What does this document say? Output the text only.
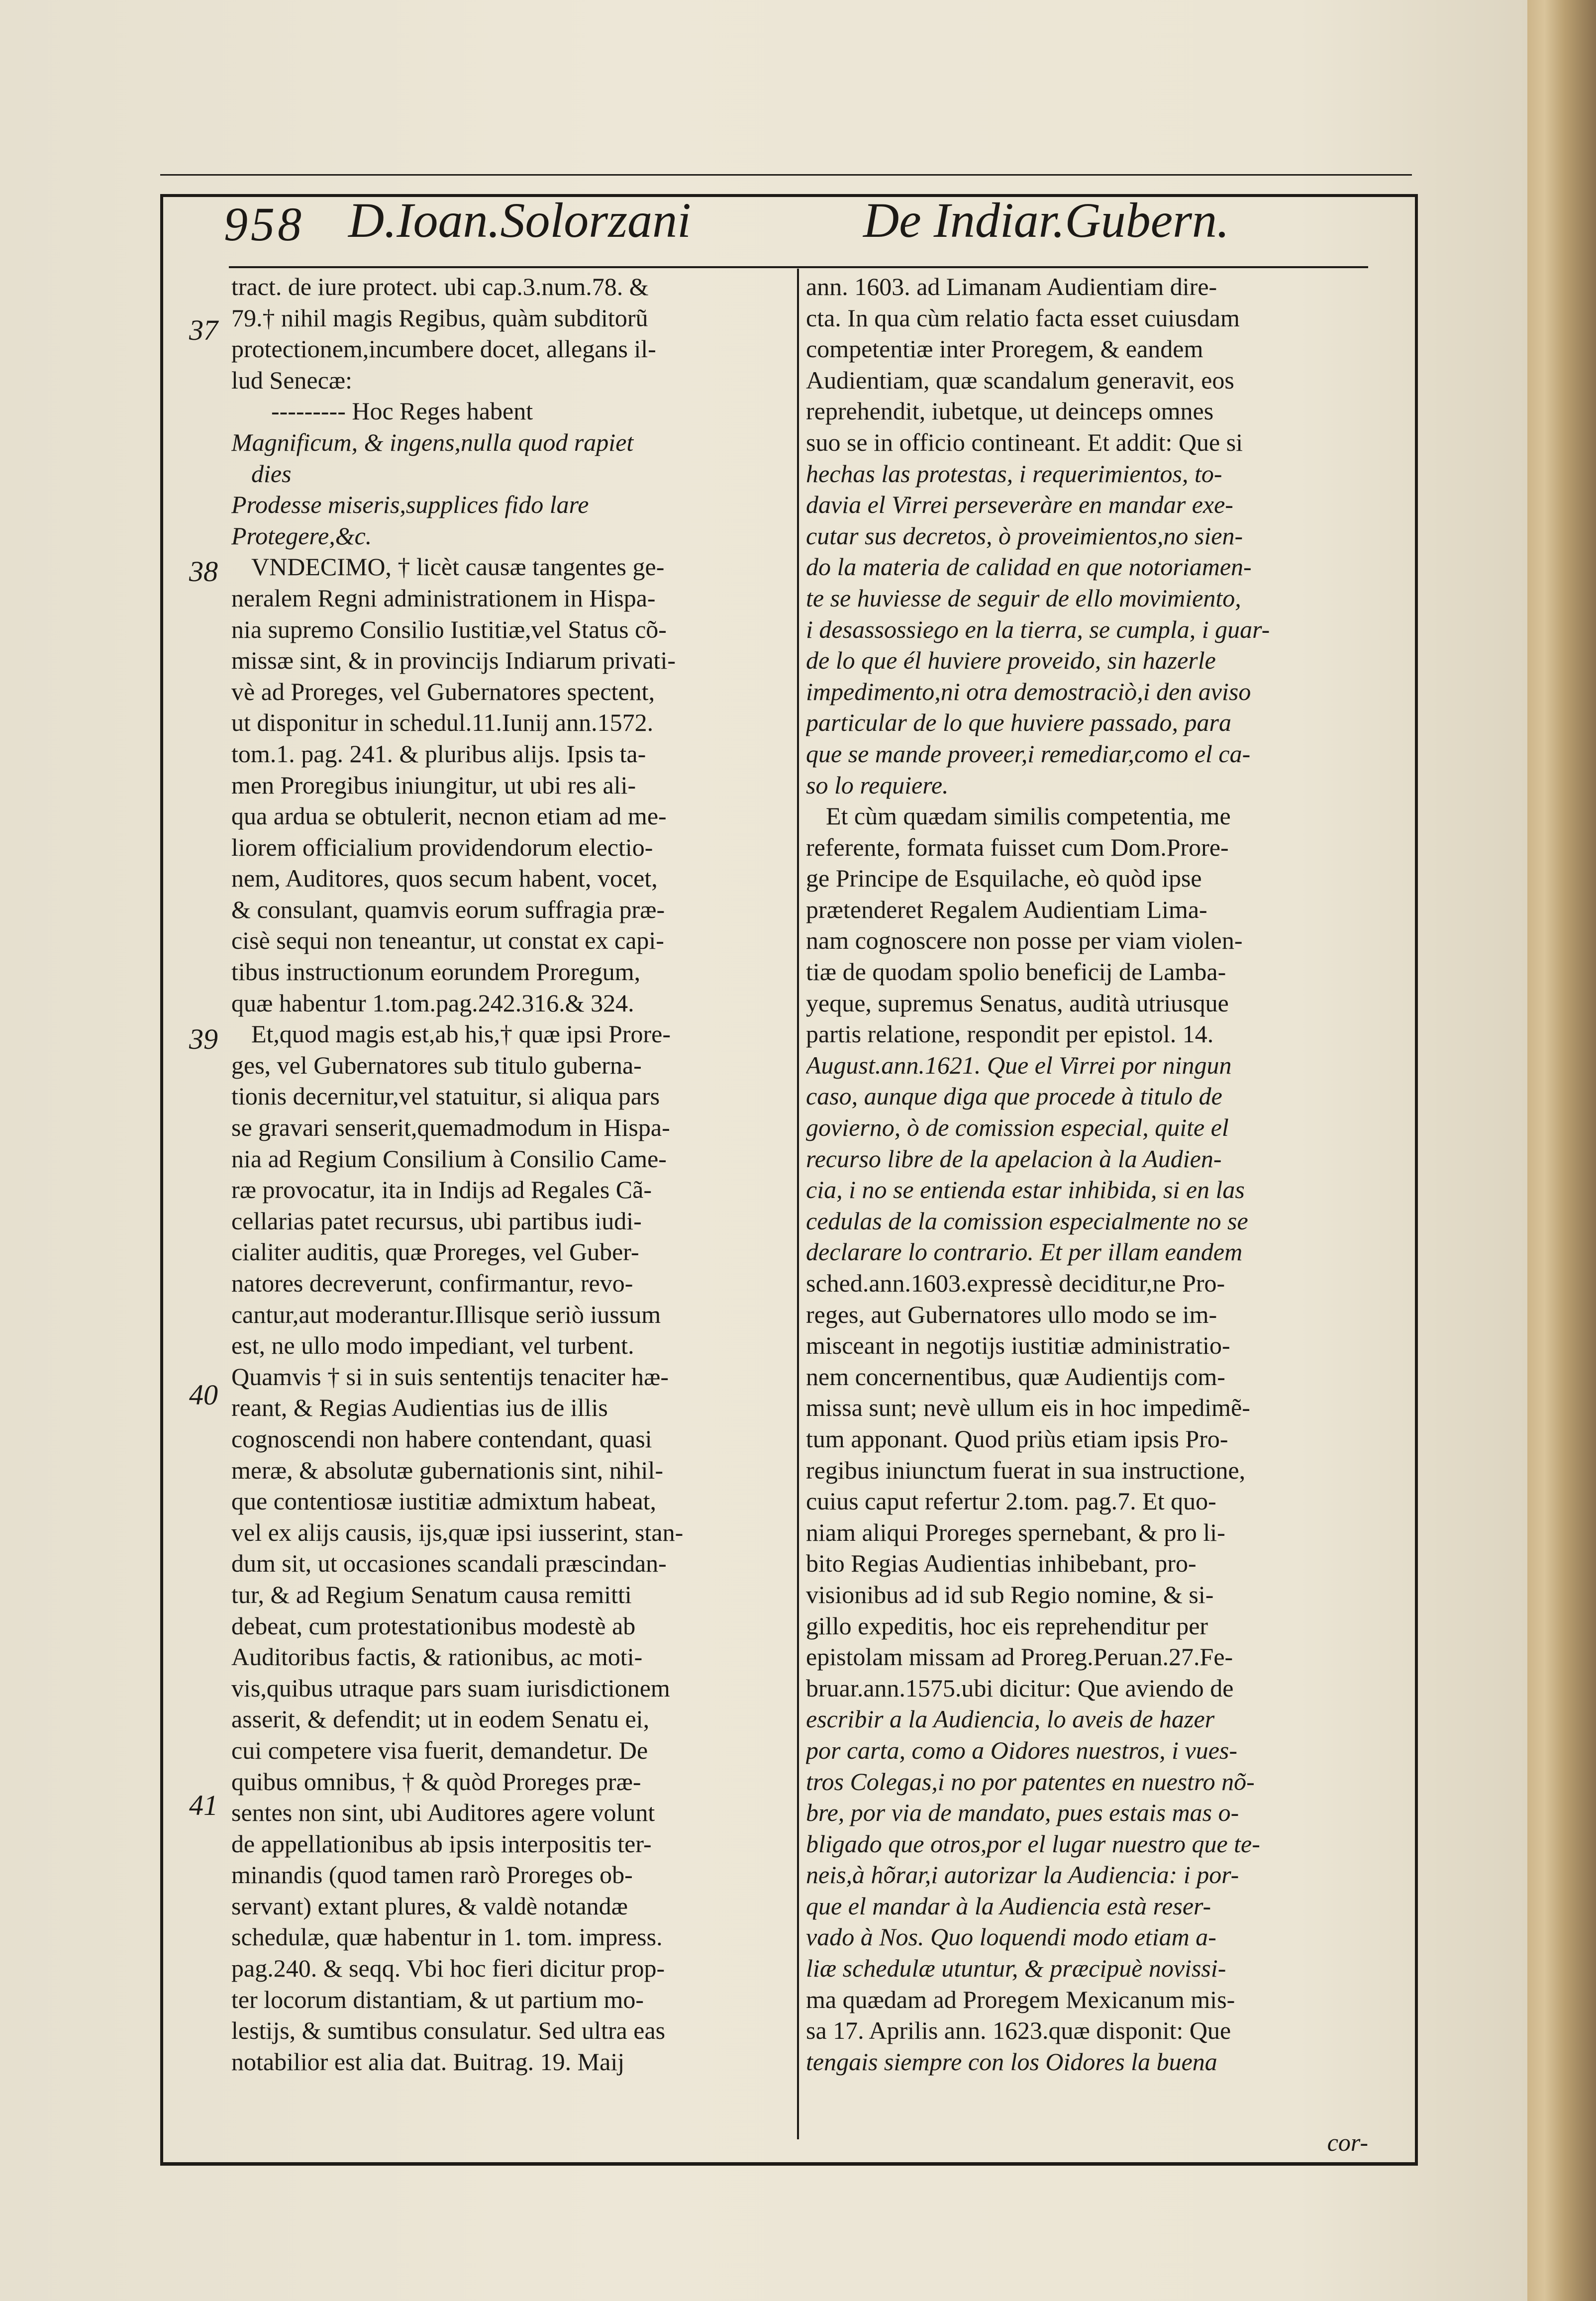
958 D.Ioan.Solorzani	De Indiar.Gubern.
37
38
39
40
41
tract. de iure protect. ubi cap.3.num.78. &
79.† nihil magis Regibus, quàm subditorũ
protectionem,incumbere docet, allegans il-
lud Senecæ:
--------- Hoc Reges habent
Magnificum, & ingens,nulla quod rapiet
dies
Prodesse miseris,supplices fido lare
Protegere,&c.
VNDECIMO, † licèt causæ tangentes ge-
neralem Regni administrationem in Hispa-
nia supremo Consilio Iustitiæ,vel Status cõ-
missæ sint, & in provincijs Indiarum privati-
vè ad Proreges, vel Gubernatores spectent,
ut disponitur in schedul.11.Iunij ann.1572.
tom.1. pag. 241. & pluribus alijs. Ipsis ta-
men Proregibus iniungitur, ut ubi res ali-
qua ardua se obtulerit, necnon etiam ad me-
liorem officialium providendorum electio-
nem, Auditores, quos secum habent, vocet,
& consulant, quamvis eorum suffragia præ-
cisè sequi non teneantur, ut constat ex capi-
tibus instructionum eorundem Proregum,
quæ habentur 1.tom.pag.242.316.& 324.
Et,quod magis est,ab his,† quæ ipsi Prore-
ges, vel Gubernatores sub titulo guberna-
tionis decernitur,vel statuitur, si aliqua pars
se gravari senserit,quemadmodum in Hispa-
nia ad Regium Consilium à Consilio Came-
ræ provocatur, ita in Indijs ad Regales Cã-
cellarias patet recursus, ubi partibus iudi-
cialiter auditis, quæ Proreges, vel Guber-
natores decreverunt, confirmantur, revo-
cantur,aut moderantur.Illisque seriò iussum
est, ne ullo modo impediant, vel turbent.
Quamvis † si in suis sententijs tenaciter hæ-
reant, & Regias Audientias ius de illis
cognoscendi non habere contendant, quasi
meræ, & absolutæ gubernationis sint, nihil-
que contentiosæ iustitiæ admixtum habeat,
vel ex alijs causis, ijs,quæ ipsi iusserint, stan-
dum sit, ut occasiones scandali præscindan-
tur, & ad Regium Senatum causa remitti
debeat, cum protestationibus modestè ab
Auditoribus factis, & rationibus, ac moti-
vis,quibus utraque pars suam iurisdictionem
asserit, & defendit; ut in eodem Senatu ei,
cui competere visa fuerit, demandetur. De
quibus omnibus, † & quòd Proreges præ-
sentes non sint, ubi Auditores agere volunt
de appellationibus ab ipsis interpositis ter-
minandis (quod tamen rarò Proreges ob-
servant) extant plures, & valdè notandæ
schedulæ, quæ habentur in 1. tom. impress.
pag.240. & seqq. Vbi hoc fieri dicitur prop-
ter locorum distantiam, & ut partium mo-
lestijs, & sumtibus consulatur. Sed ultra eas
notabilior est alia dat. Buitrag. 19. Maij
ann. 1603. ad Limanam Audientiam dire-
cta. In qua cùm relatio facta esset cuiusdam
competentiæ inter Proregem, & eandem
Audientiam, quæ scandalum generavit, eos
reprehendit, iubetque, ut deinceps omnes
suo se in officio contineant. Et addit: Que si
hechas las protestas, i requerimientos, to-
davia el Virrei perseveràre en mandar exe-
cutar sus decretos, ò proveimientos,no sien-
do la materia de calidad en que notoriamen-
te se huviesse de seguir de ello movimiento,
i desassossiego en la tierra, se cumpla, i guar-
de lo que él huviere proveido, sin hazerle
impedimento,ni otra demostraciò,i den aviso
particular de lo que huviere passado, para
que se mande proveer,i remediar,como el ca-
so lo requiere.
Et cùm quædam similis competentia, me
referente, formata fuisset cum Dom.Prore-
ge Principe de Esquilache, eò quòd ipse
prætenderet Regalem Audientiam Lima-
nam cognoscere non posse per viam violen-
tiæ de quodam spolio beneficij de Lamba-
yeque, supremus Senatus, audità utriusque
partis relatione, respondit per epistol. 14.
August.ann.1621. Que el Virrei por ningun
caso, aunque diga que procede à titulo de
govierno, ò de comission especial, quite el
recurso libre de la apelacion à la Audien-
cia, i no se entienda estar inhibida, si en las
cedulas de la comission especialmente no se
declarare lo contrario. Et per illam eandem
sched.ann.1603.expressè deciditur,ne Pro-
reges, aut Gubernatores ullo modo se im-
misceant in negotijs iustitiæ administratio-
nem concernentibus, quæ Audientijs com-
missa sunt; nevè ullum eis in hoc impedimẽ-
tum apponant. Quod priùs etiam ipsis Pro-
regibus iniunctum fuerat in sua instructione,
cuius caput refertur 2.tom. pag.7. Et quo-
niam aliqui Proreges spernebant, & pro li-
bito Regias Audientias inhibebant, pro-
visionibus ad id sub Regio nomine, & si-
gillo expeditis, hoc eis reprehenditur per
epistolam missam ad Proreg.Peruan.27.Fe-
bruar.ann.1575.ubi dicitur: Que aviendo de
escribir a la Audiencia, lo aveis de hazer
por carta, como a Oidores nuestros, i vues-
tros Colegas,i no por patentes en nuestro nõ-
bre, por via de mandato, pues estais mas o-
bligado que otros,por el lugar nuestro que te-
neis,à hõrar,i autorizar la Audiencia: i por-
que el mandar à la Audiencia està reser-
vado à Nos. Quo loquendi modo etiam a-
liæ schedulæ utuntur, & præcipuè novissi-
ma quædam ad Proregem Mexicanum mis-
sa 17. Aprilis ann. 1623.quæ disponit: Que
tengais siempre con los Oidores la buena
cor-
